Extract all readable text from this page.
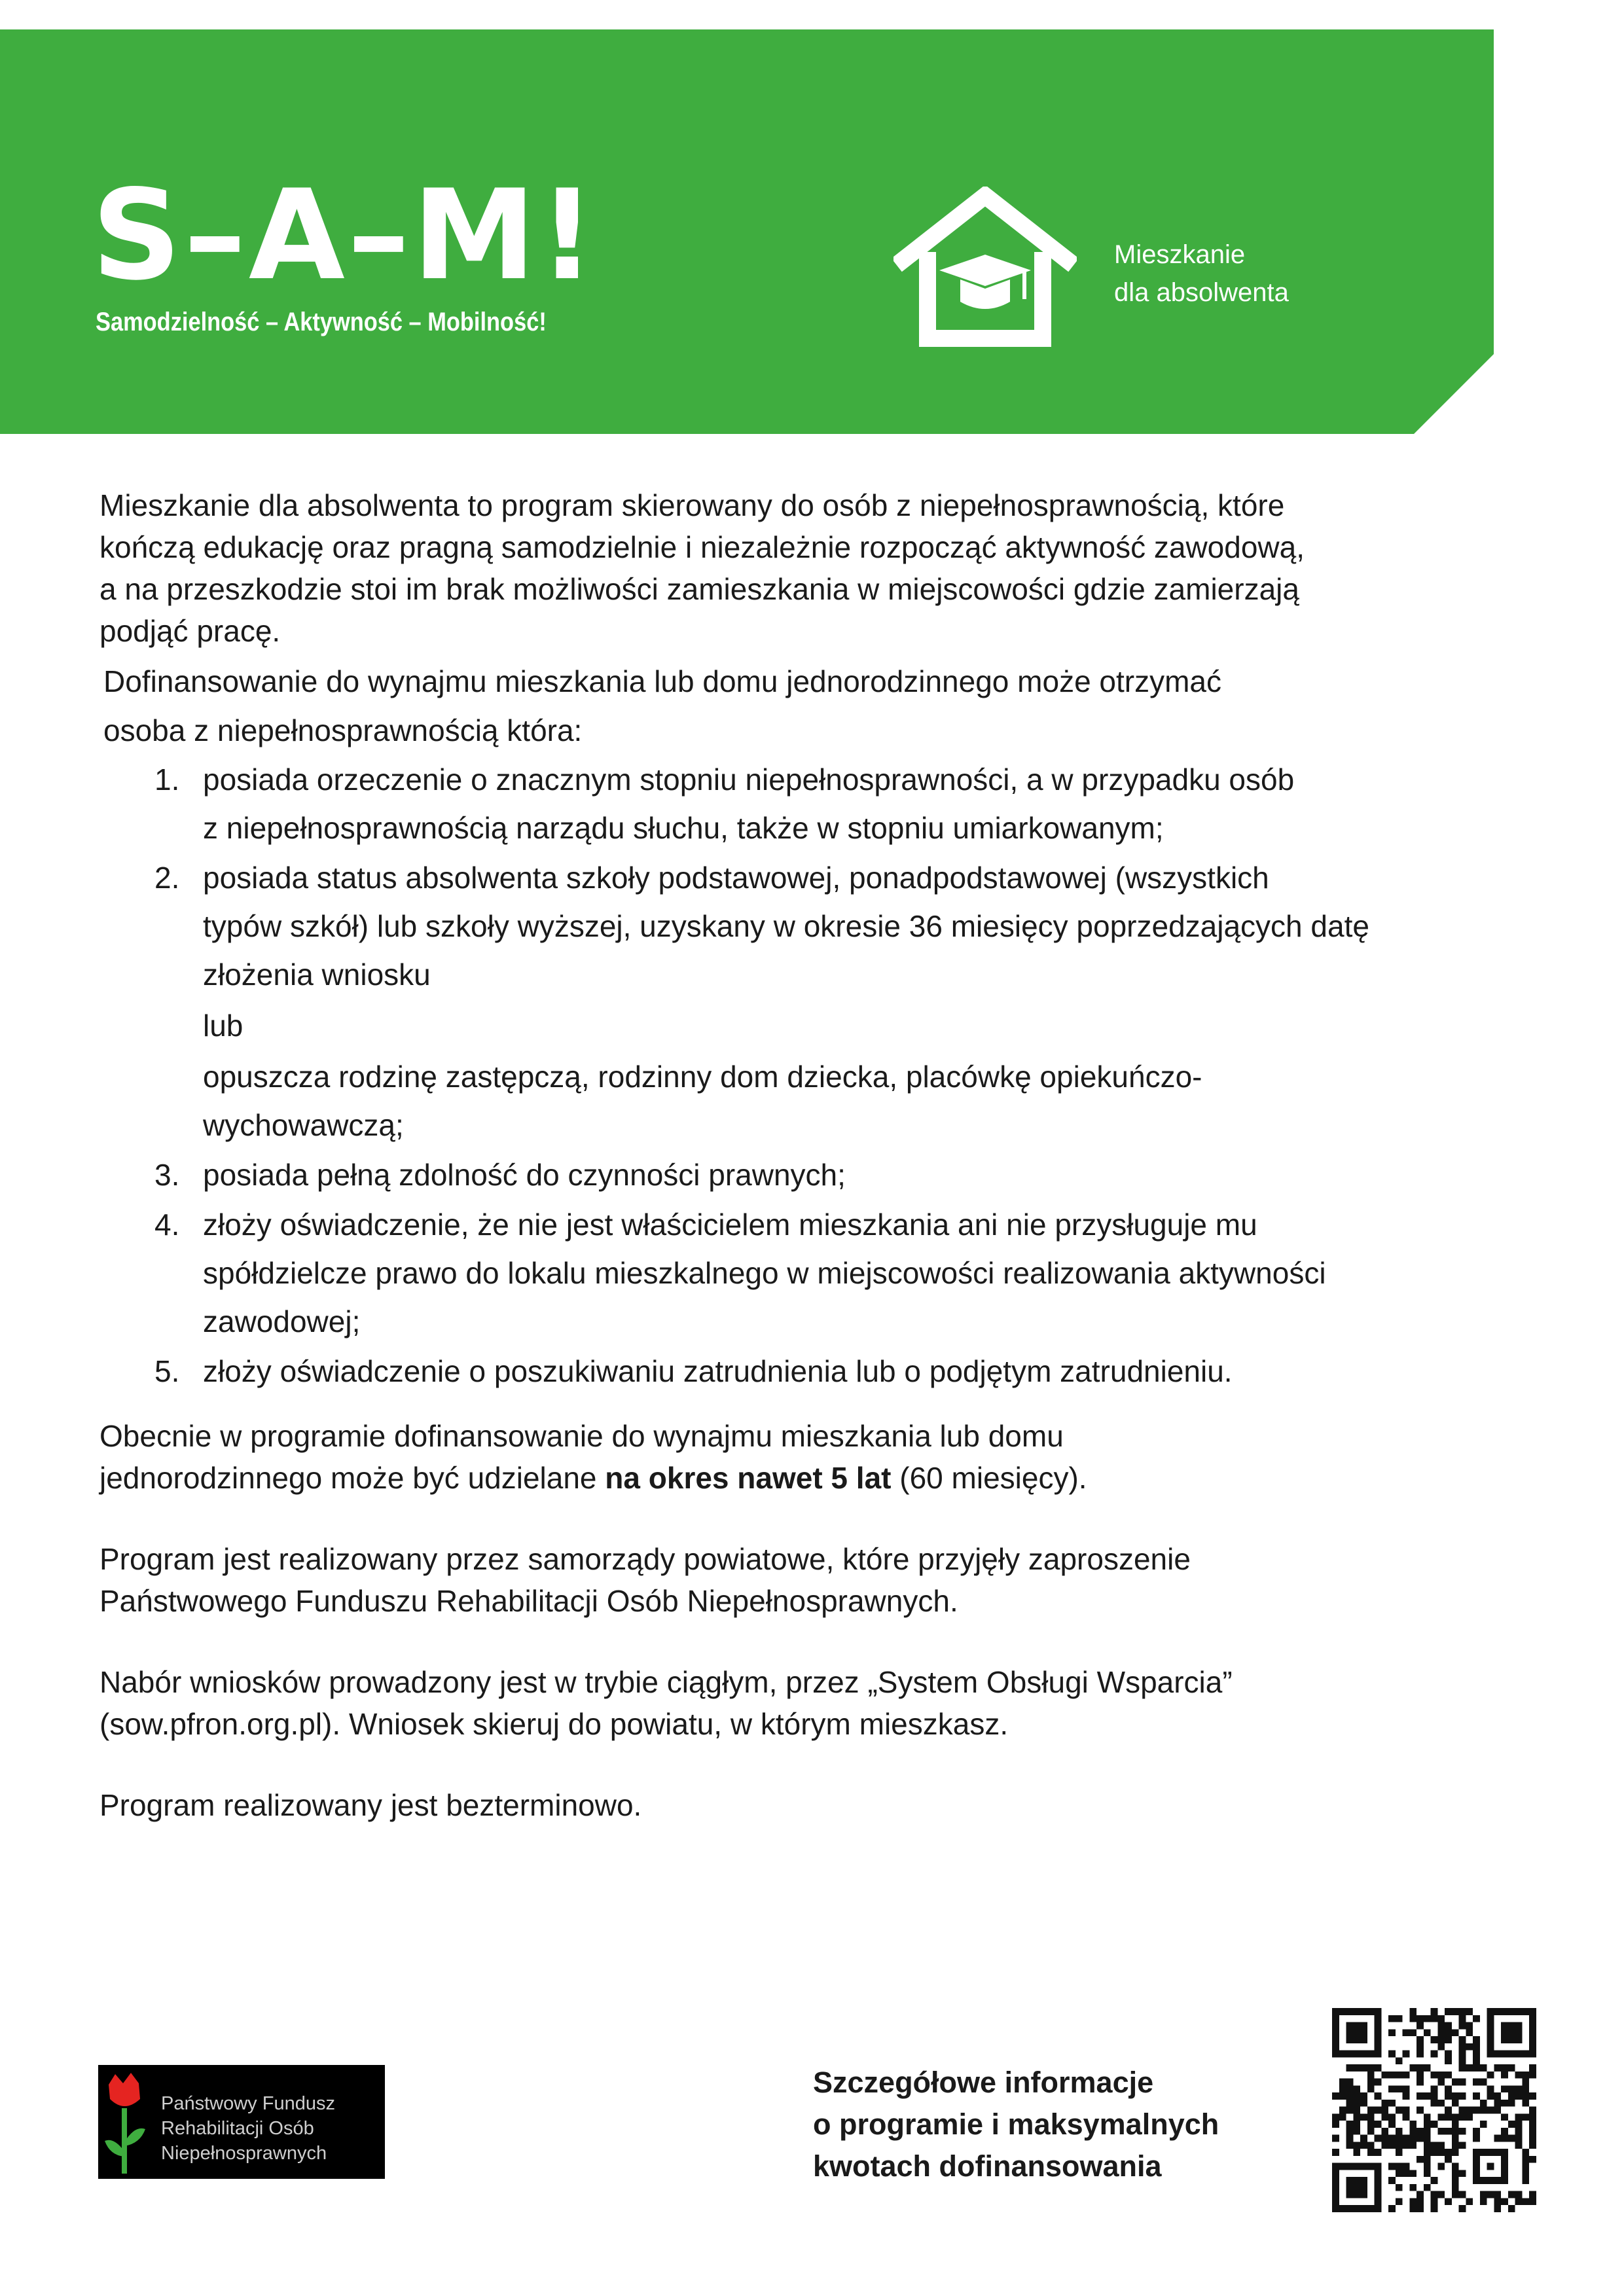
S–A–M!
Samodzielność – Aktywność – Mobilność!
Mieszkanie
dla absolwenta

Mieszkanie dla absolwenta to program skierowany do osób z niepełnosprawnością, które

kończą edukację oraz pragną samodzielnie i niezależnie rozpocząć aktywność zawodową,

a na przeszkodzie stoi im brak możliwości zamieszkania w miejscowości gdzie zamierzają

podjąć pracę.

Dofinansowanie do wynajmu mieszkania lub domu jednorodzinnego może otrzymać

osoba z niepełnosprawnością która:

1. posiada orzeczenie o znacznym stopniu niepełnosprawności, a w przypadku osób
z niepełnosprawnością narządu słuchu, także w stopniu umiarkowanym;
2. posiada status absolwenta szkoły podstawowej, ponadpodstawowej (wszystkich
typów szkół) lub szkoły wyższej, uzyskany w okresie 36 miesięcy poprzedzających datę
złożenia wniosku
lub
opuszcza rodzinę zastępczą, rodzinny dom dziecka, placówkę opiekuńczo-
wychowawczą;
3. posiada pełną zdolność do czynności prawnych;
4. złoży oświadczenie, że nie jest właścicielem mieszkania ani nie przysługuje mu
spółdzielcze prawo do lokalu mieszkalnego w miejscowości realizowania aktywności
zawodowej;
5. złoży oświadczenie o poszukiwaniu zatrudnienia lub o podjętym zatrudnieniu.

Obecnie w programie dofinansowanie do wynajmu mieszkania lub domu

jednorodzinnego może być udzielane na okres nawet 5 lat (60 miesięcy).

Program jest realizowany przez samorządy powiatowe, które przyjęły zaproszenie

Państwowego Funduszu Rehabilitacji Osób Niepełnosprawnych.

Nabór wniosków prowadzony jest w trybie ciągłym, przez „System Obsługi Wsparcia”

(sow.pfron.org.pl). Wniosek skieruj do powiatu, w którym mieszkasz.

Program realizowany jest bezterminowo.

Państwowy Fundusz
Rehabilitacji Osób
Niepełnosprawnych
Szczegółowe informacje
o programie i maksymalnych
kwotach dofinansowania
